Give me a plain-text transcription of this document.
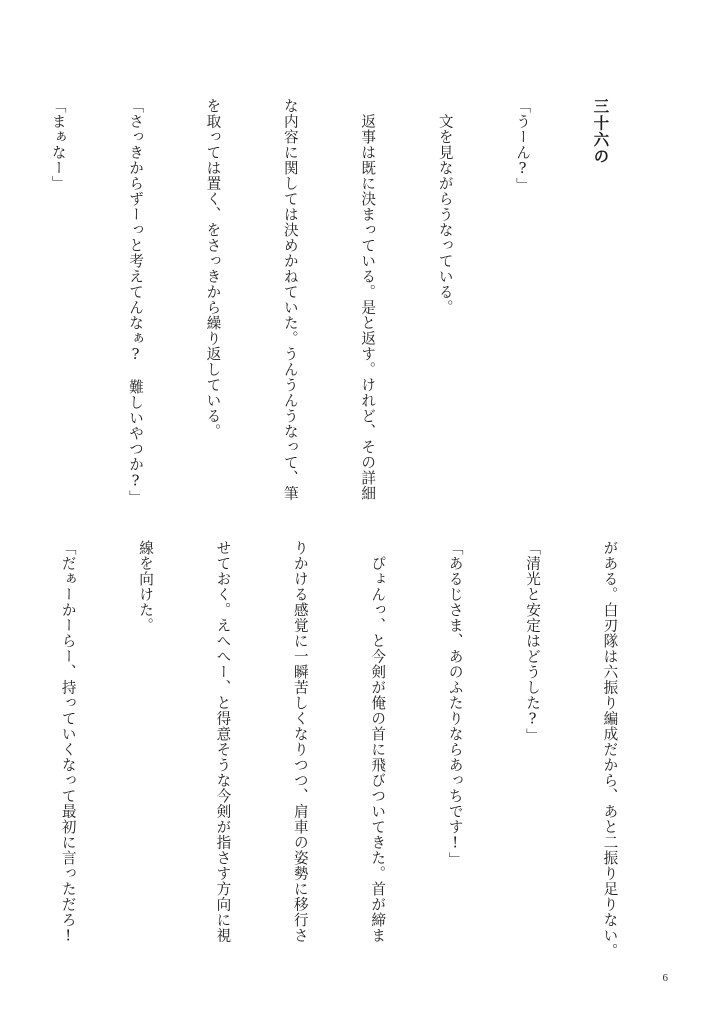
三十六の

「うーん?」

　文を見ながらうなっている。

　返事は既に決まっている。是と返す。けれど、その詳細

な内容に関しては決めかねていた。うんうんうなって、筆

を取っては置く、をさっきから繰り返している。

「さっきからずーっと考えてんなぁ?　難しいやつか?」

「まぁなー」

がある。白刃隊は六振り編成だから、あと二振り足りない。

「清光と安定はどうした?」

「あるじさま、あのふたりならあっちです!」

　ぴょんっ、と今剣が俺の首に飛びついてきた。首が締ま

りかける感覚に一瞬苦しくなりつつ、肩車の姿勢に移行さ

せておく。えへへー、と得意そうな今剣が指さす方向に視

線を向けた。

「だぁーかーらー、持っていくなって最初に言っただろ!

6
